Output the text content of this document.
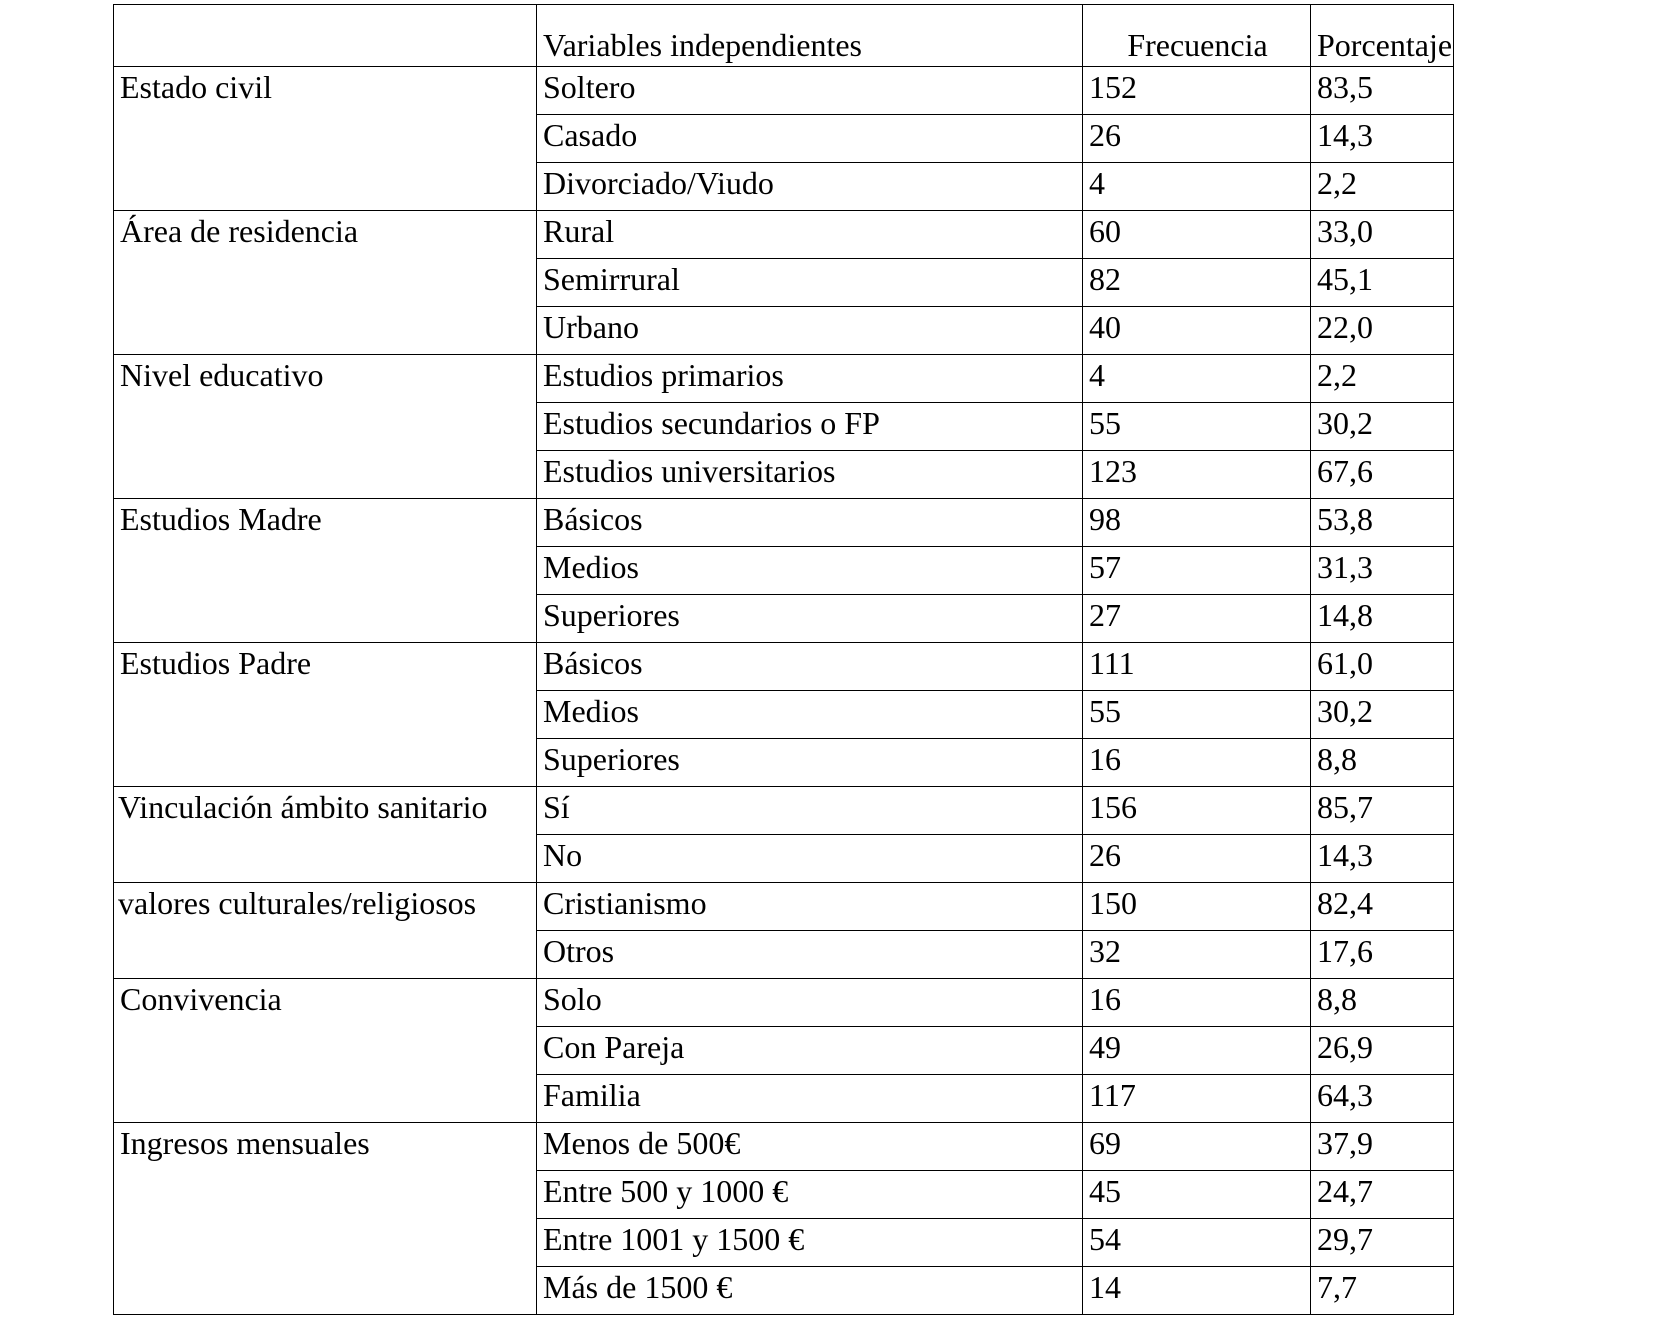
	Variables independientes	Frecuencia	Porcentaje
Estado civil	Soltero	152	83,5
	Casado	26	14,3
	Divorciado/Viudo	4	2,2
Área de residencia	Rural	60	33,0
	Semirrural	82	45,1
	Urbano	40	22,0
Nivel educativo	Estudios primarios	4	2,2
	Estudios secundarios o FP	55	30,2
	Estudios universitarios	123	67,6
Estudios Madre	Básicos	98	53,8
	Medios	57	31,3
	Superiores	27	14,8
Estudios Padre	Básicos	111	61,0
	Medios	55	30,2
	Superiores	16	8,8
Vinculación ámbito sanitario	Sí	156	85,7
	No	26	14,3
valores culturales/religiosos	Cristianismo	150	82,4
	Otros	32	17,6
Convivencia	Solo	16	8,8
	Con Pareja	49	26,9
	Familia	117	64,3
Ingresos mensuales	Menos de 500€	69	37,9
	Entre 500 y 1000 €	45	24,7
	Entre 1001 y 1500 €	54	29,7
	Más de 1500 €	14	7,7
